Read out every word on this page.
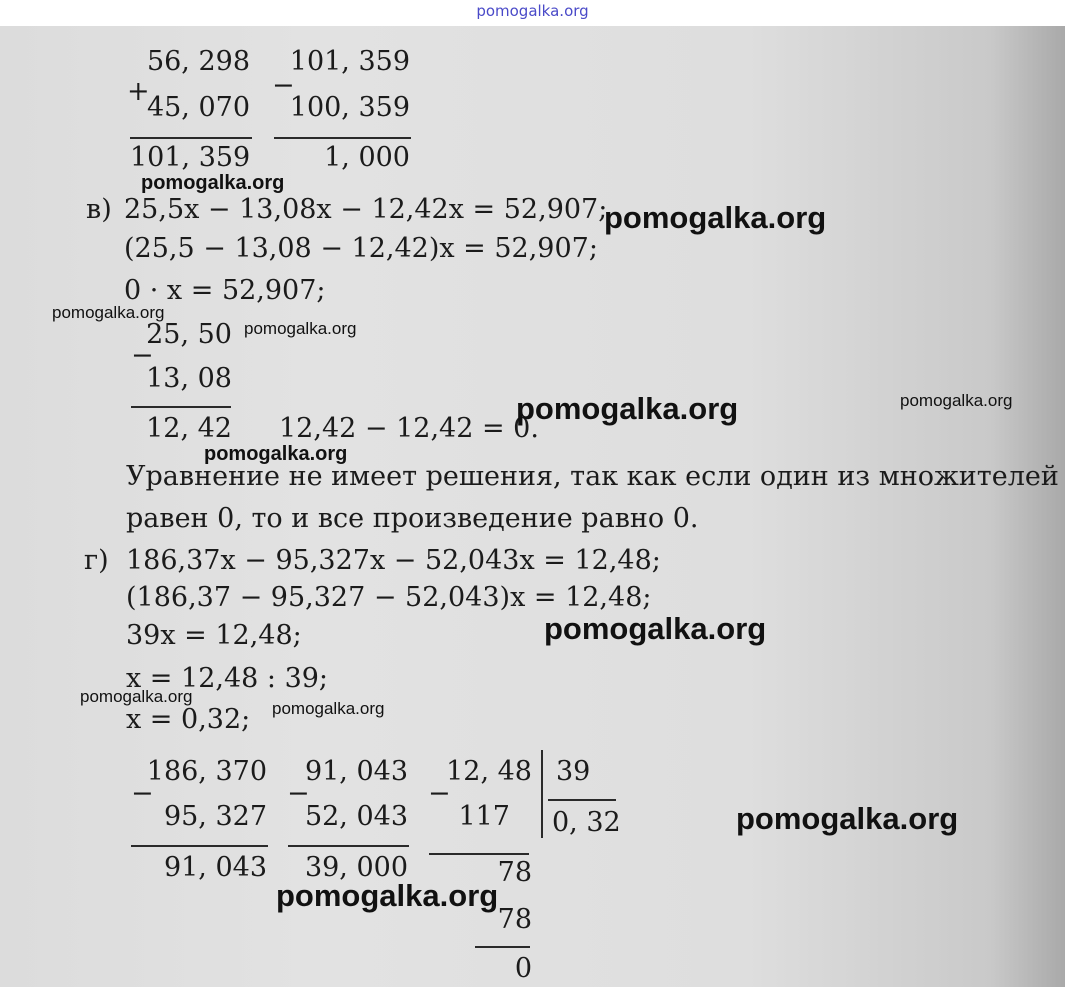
pomogalka.org
+
56, 298
45, 070
101, 359
−
101, 359
100, 359
1, 000
в) 25,5x − 13,08x − 12,42x = 52,907;
(25,5 − 13,08 − 12,42)x = 52,907;
0 · x = 52,907;
−
25, 50
13, 08
12, 42 12,42 − 12,42 = 0.
Уравнение не имеет решения, так как если один из множителей
равен 0, то и все произведение равно 0.
г) 186,37x − 95,327x − 52,043x = 12,48;
(186,37 − 95,327 − 52,043)x = 12,48;
39x = 12,48;
x = 12,48 : 39;
x = 0,32;
−
186, 370
95, 327
91, 043
−
91, 043
52, 043
39, 000
−
12, 48 39
0, 32
117
78
78
0
pomogalka.org
pomogalka.org
pomogalka.org
pomogalka.org
pomogalka.org	pomogalka.org
pomogalka.org
pomogalka.org
pomogalka.org
pomogalka.org
pomogalka.org
pomogalka.org
